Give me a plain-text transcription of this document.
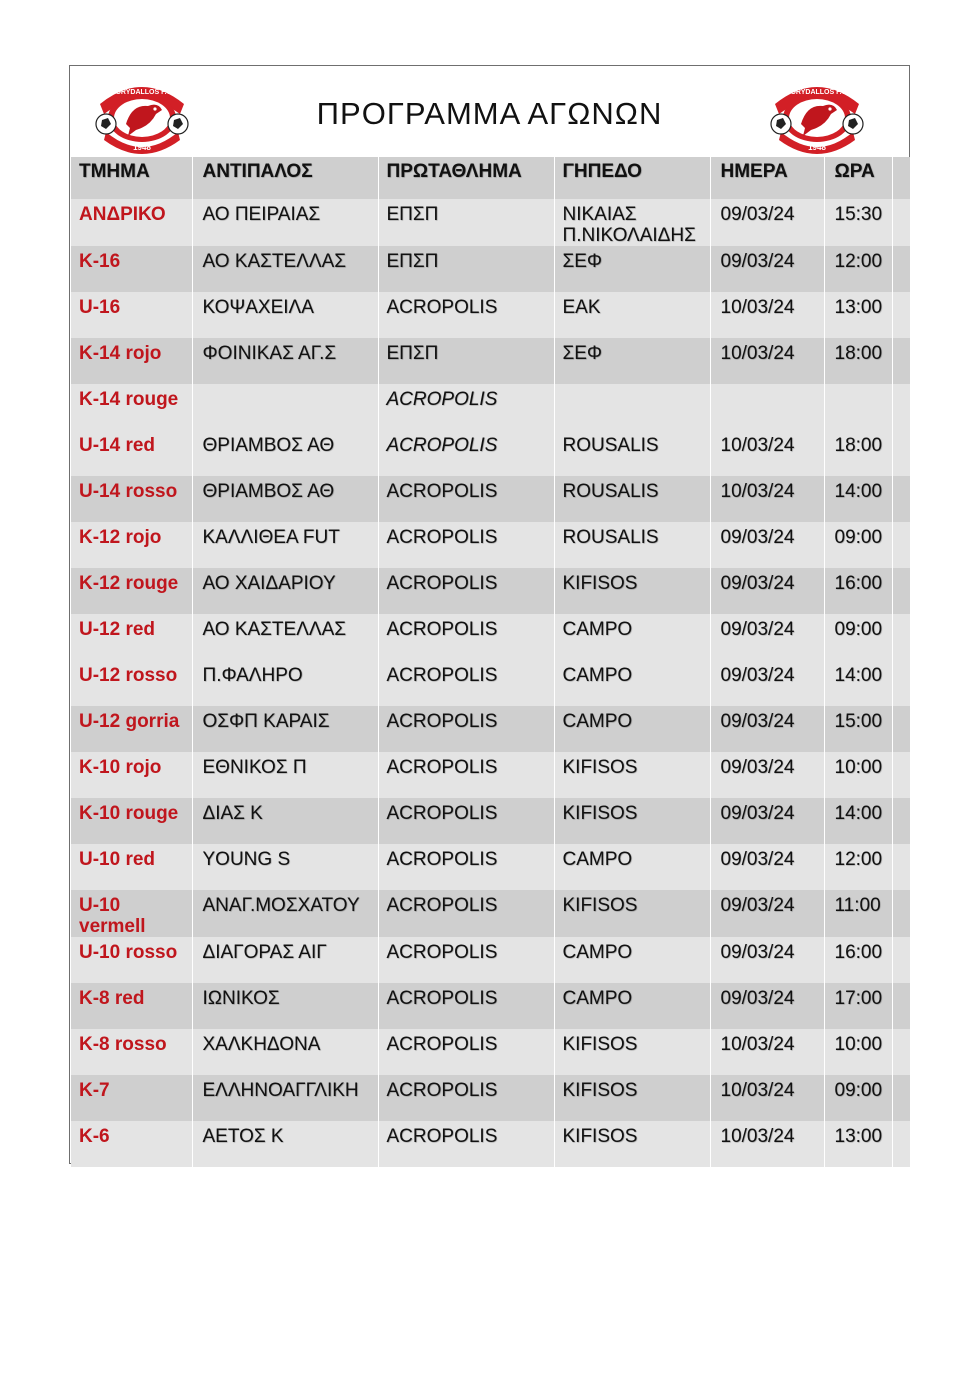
KORYDALLOS F.C.
1948
ΠΡΟΓΡΑΜΜΑ ΑΓΩΝΩΝ
KORYDALLOS F.C.
1948
ΤΜΗΜΑ	ΑΝΤΙΠΑΛΟΣ	ΠΡΩΤΑΘΛΗΜΑ	ΓΗΠΕΔΟ	ΗΜΕΡΑ	ΩΡΑ	
ΑΝΔΡΙΚΟ	ΑΟ ΠΕΙΡΑΙΑΣ	ΕΠΣΠ	ΝΙΚΑΙΑΣ Π.ΝΙΚΟΛΑΙΔΗΣ	09/03/24	15:30	
K-16	ΑΟ ΚΑΣΤΕΛΛΑΣ	ΕΠΣΠ	ΣΕΦ	09/03/24	12:00	
U-16	ΚΟΨΑΧΕΙΛΑ	ACROPOLIS	ΕΑΚ	10/03/24	13:00	
K-14 rojo	ΦΟΙΝΙΚΑΣ ΑΓ.Σ	ΕΠΣΠ	ΣΕΦ	10/03/24	18:00	
K-14 rouge		ACROPOLIS				
U-14 red	ΘΡΙΑΜΒΟΣ ΑΘ	ACROPOLIS	ROUSALIS	10/03/24	18:00	
U-14 rosso	ΘΡΙΑΜΒΟΣ ΑΘ	ACROPOLIS	ROUSALIS	10/03/24	14:00	
K-12 rojo	ΚΑΛΛΙΘΕΑ FUT	ACROPOLIS	ROUSALIS	09/03/24	09:00	
K-12 rouge	ΑΟ ΧΑΙΔΑΡΙΟΥ	ACROPOLIS	KIFISOS	09/03/24	16:00	
U-12 red	ΑΟ ΚΑΣΤΕΛΛΑΣ	ACROPOLIS	CAMPO	09/03/24	09:00	
U-12 rosso	Π.ΦΑΛΗΡΟ	ACROPOLIS	CAMPO	09/03/24	14:00	
U-12 gorria	ΟΣΦΠ ΚΑΡΑΙΣ	ACROPOLIS	CAMPO	09/03/24	15:00	
K-10 rojo	ΕΘΝΙΚΟΣ Π	ACROPOLIS	KIFISOS	09/03/24	10:00	
K-10 rouge	ΔΙΑΣ Κ	ACROPOLIS	KIFISOS	09/03/24	14:00	
U-10 red	YOUNG S	ACROPOLIS	CAMPO	09/03/24	12:00	
U-10 vermell	ΑΝΑΓ.ΜΟΣΧΑΤΟΥ	ACROPOLIS	KIFISOS	09/03/24	11:00	
U-10 rosso	ΔΙΑΓΟΡΑΣ ΑΙΓ	ACROPOLIS	CAMPO	09/03/24	16:00	
K-8 red	ΙΩΝΙΚΟΣ	ACROPOLIS	CAMPO	09/03/24	17:00	
K-8 rosso	ΧΑΛΚΗΔΟΝΑ	ACROPOLIS	KIFISOS	10/03/24	10:00	
K-7	ΕΛΛΗΝΟΑΓΓΛΙΚΗ	ACROPOLIS	KIFISOS	10/03/24	09:00	
K-6	ΑΕΤΟΣ Κ	ACROPOLIS	KIFISOS	10/03/24	13:00	
